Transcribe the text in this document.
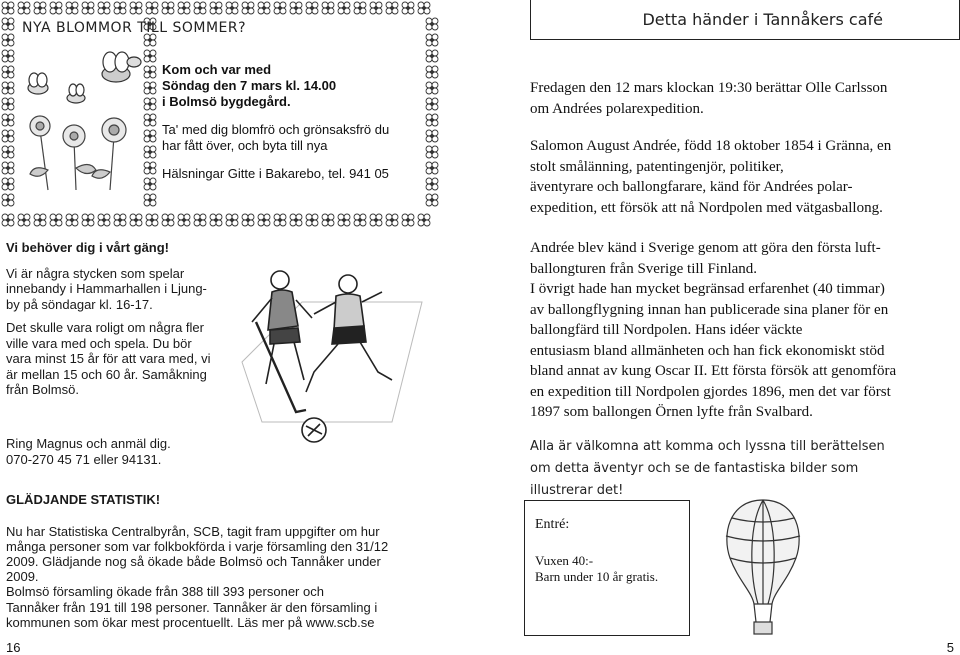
NYA BLOMMOR TILL SOMMER?

Kom och var med
Söndag den 7 mars kl. 14.00
i Bolmsö bygdegård.

Ta' med dig blomfrö och grönsaksfrö du
har fått över, och byta till nya

Hälsningar Gitte i Bakarebo, tel. 941 05

Vi behöver dig i vårt gäng!

Vi är några stycken som spelar
innebandy i Hammarhallen i Ljung-
by på söndagar kl. 16-17.

Det skulle vara roligt om några fler
ville vara med och spela. Du bör
vara minst 15 år för att vara med, vi
är mellan 15 och 60 år. Samåkning
från Bolmsö.

Ring Magnus och anmäl dig.
070-270 45 71 eller 94131.
GLÄDJANDE STATISTIK!
Nu har Statistiska Centralbyrån, SCB, tagit fram uppgifter om hur
många personer som var folkbokförda i varje församling den 31/12
2009. Glädjande nog så ökade både Bolmsö och Tannåker under
2009.
Bolmsö församling ökade från 388 till 393 personer och
Tannåker från 191 till 198 personer. Tannåker är den församling i
kommunen som ökar mest procentuellt. Läs mer på www.scb.se
16
Detta händer i Tannåkers café
Fredagen den 12 mars klockan 19:30 berättar Olle Carlsson
om Andrées polarexpedition.
Salomon August Andrée, född 18 oktober 1854 i Gränna, en
stolt smålänning, patentingenjör, politiker,
äventyrare och ballongfarare, känd för Andrées polar-
expedition, ett försök att nå Nordpolen med vätgasballong.
Andrée blev känd i Sverige genom att göra den första luft-
ballongturen från Sverige till Finland.
I övrigt hade han mycket begränsad erfarenhet (40 timmar)
av ballongflygning innan han publicerade sina planer för en
ballongfärd till Nordpolen. Hans idéer väckte
entusiasm bland allmänheten och han fick ekonomiskt stöd
bland annat av kung Oscar II. Ett första försök att genomföra
en expedition till Nordpolen gjordes 1896, men det var först
1897 som ballongen Örnen lyfte från Svalbard.
Alla är välkomna att komma och lyssna till berättelsen
om detta äventyr och se de fantastiska bilder som
illustrerar det!
Entré:
Vuxen 40:-
Barn under 10 år gratis.
5
